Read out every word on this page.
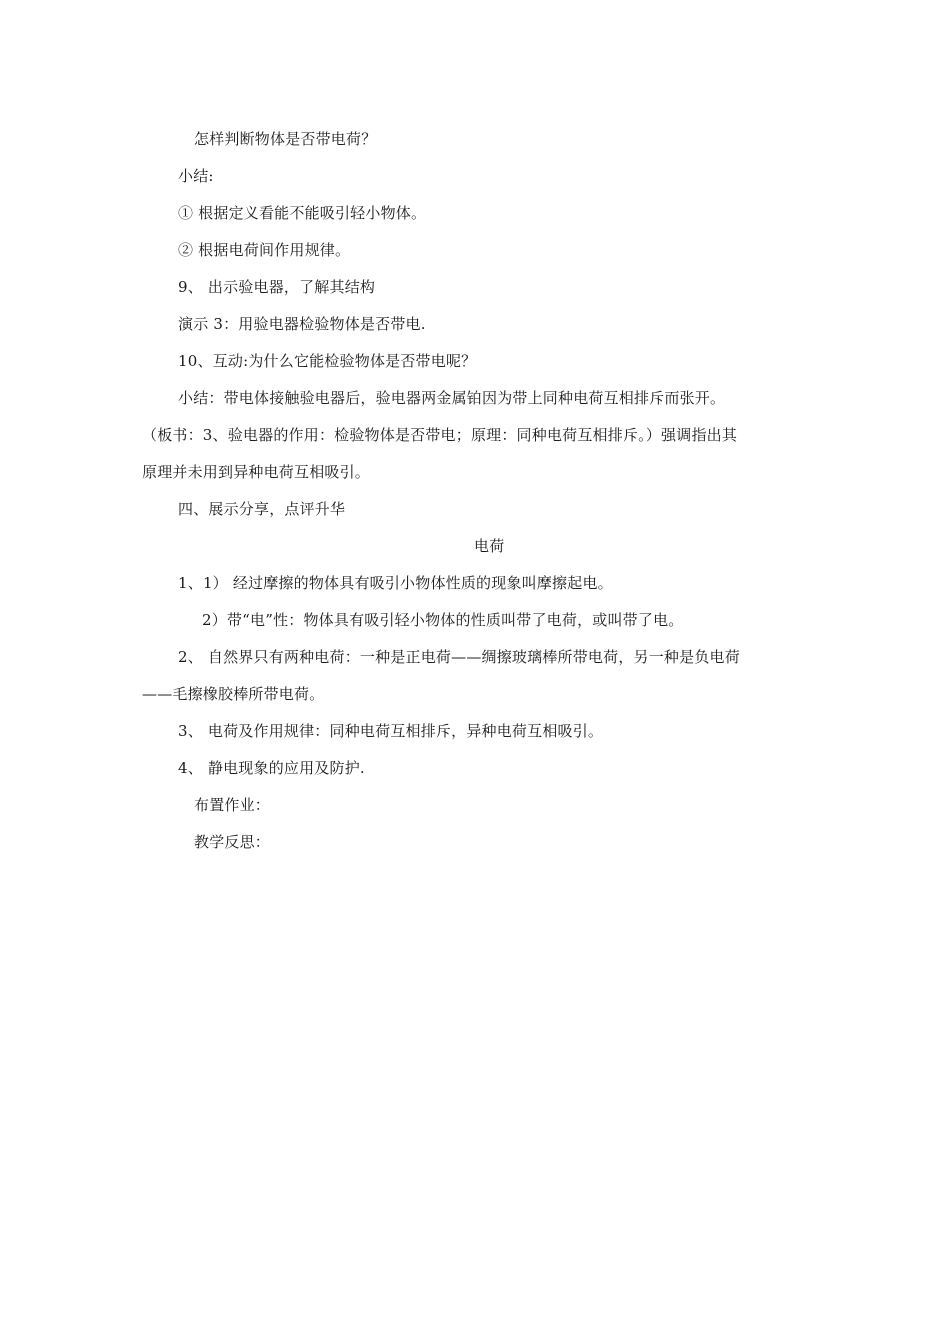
怎样判断物体是否带电荷？
小结:
① 根据定义看能不能吸引轻小物体。
② 根据电荷间作用规律。
9、 出示验电器，了解其结构
演示 3：用验电器检验物体是否带电.
10、互动:为什么它能检验物体是否带电呢？
小结：带电体接触验电器后，验电器两金属铂因为带上同种电荷互相排斥而张开。
（板书：3、验电器的作用：检验物体是否带电；原理：同种电荷互相排斥。）强调指出其
原理并未用到异种电荷互相吸引。
四、展示分享，点评升华
电荷
1、1） 经过摩擦的物体具有吸引小物体性质的现象叫摩擦起电。
2）带“电”性：物体具有吸引轻小物体的性质叫带了电荷，或叫带了电。
2、 自然界只有两种电荷：一种是正电荷——绸擦玻璃棒所带电荷，另一种是负电荷
——毛擦橡胶棒所带电荷。
3、 电荷及作用规律：同种电荷互相排斥，异种电荷互相吸引。
4、 静电现象的应用及防护.
布置作业：
教学反思：
